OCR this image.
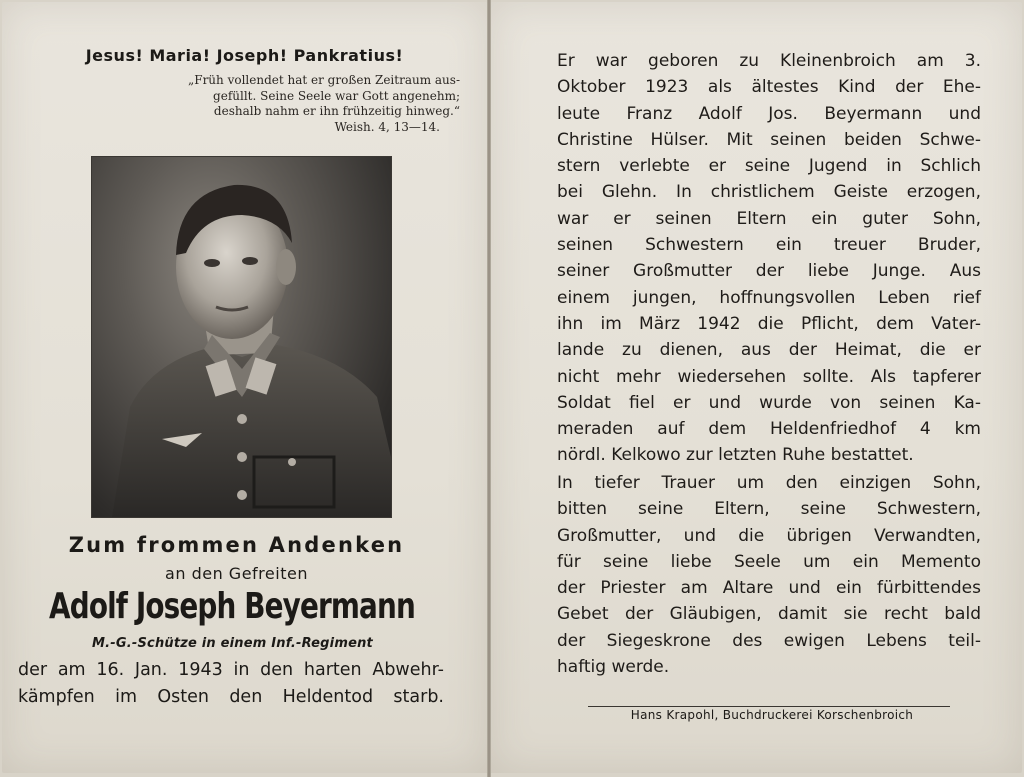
Jesus! Maria! Joseph! Pankratius!
„Früh vollendet hat er großen Zeitraum aus-
gefüllt. Seine Seele war Gott angenehm;
deshalb nahm er ihn frühzeitig hinweg.“
Weish. 4, 13—14.
Zum frommen Andenken
an den Gefreiten
Adolf Joseph Beyermann
M.-G.-Schütze in einem Inf.-Regiment
der am 16. Jan. 1943 in den harten Abwehr-
kämpfen im Osten den Heldentod starb.
Er war geboren zu Kleinenbroich am 3.
Oktober 1923 als ältestes Kind der Ehe-
leute Franz Adolf Jos. Beyermann und
Christine Hülser. Mit seinen beiden Schwe-
stern verlebte er seine Jugend in Schlich
bei Glehn. In christlichem Geiste erzogen,
war er seinen Eltern ein guter Sohn,
seinen Schwestern ein treuer Bruder,
seiner Großmutter der liebe Junge. Aus
einem jungen, hoffnungsvollen Leben rief
ihn im März 1942 die Pflicht, dem Vater-
lande zu dienen, aus der Heimat, die er
nicht mehr wiedersehen sollte. Als tapferer
Soldat fiel er und wurde von seinen Ka-
meraden auf dem Heldenfriedhof 4 km
nördl. Kelkowo zur letzten Ruhe bestattet.
In tiefer Trauer um den einzigen Sohn,
bitten seine Eltern, seine Schwestern,
Großmutter, und die übrigen Verwandten,
für seine liebe Seele um ein Memento
der Priester am Altare und ein fürbittendes
Gebet der Gläubigen, damit sie recht bald
der Siegeskrone des ewigen Lebens teil-
haftig werde.
Hans Krapohl, Buchdruckerei Korschenbroich
